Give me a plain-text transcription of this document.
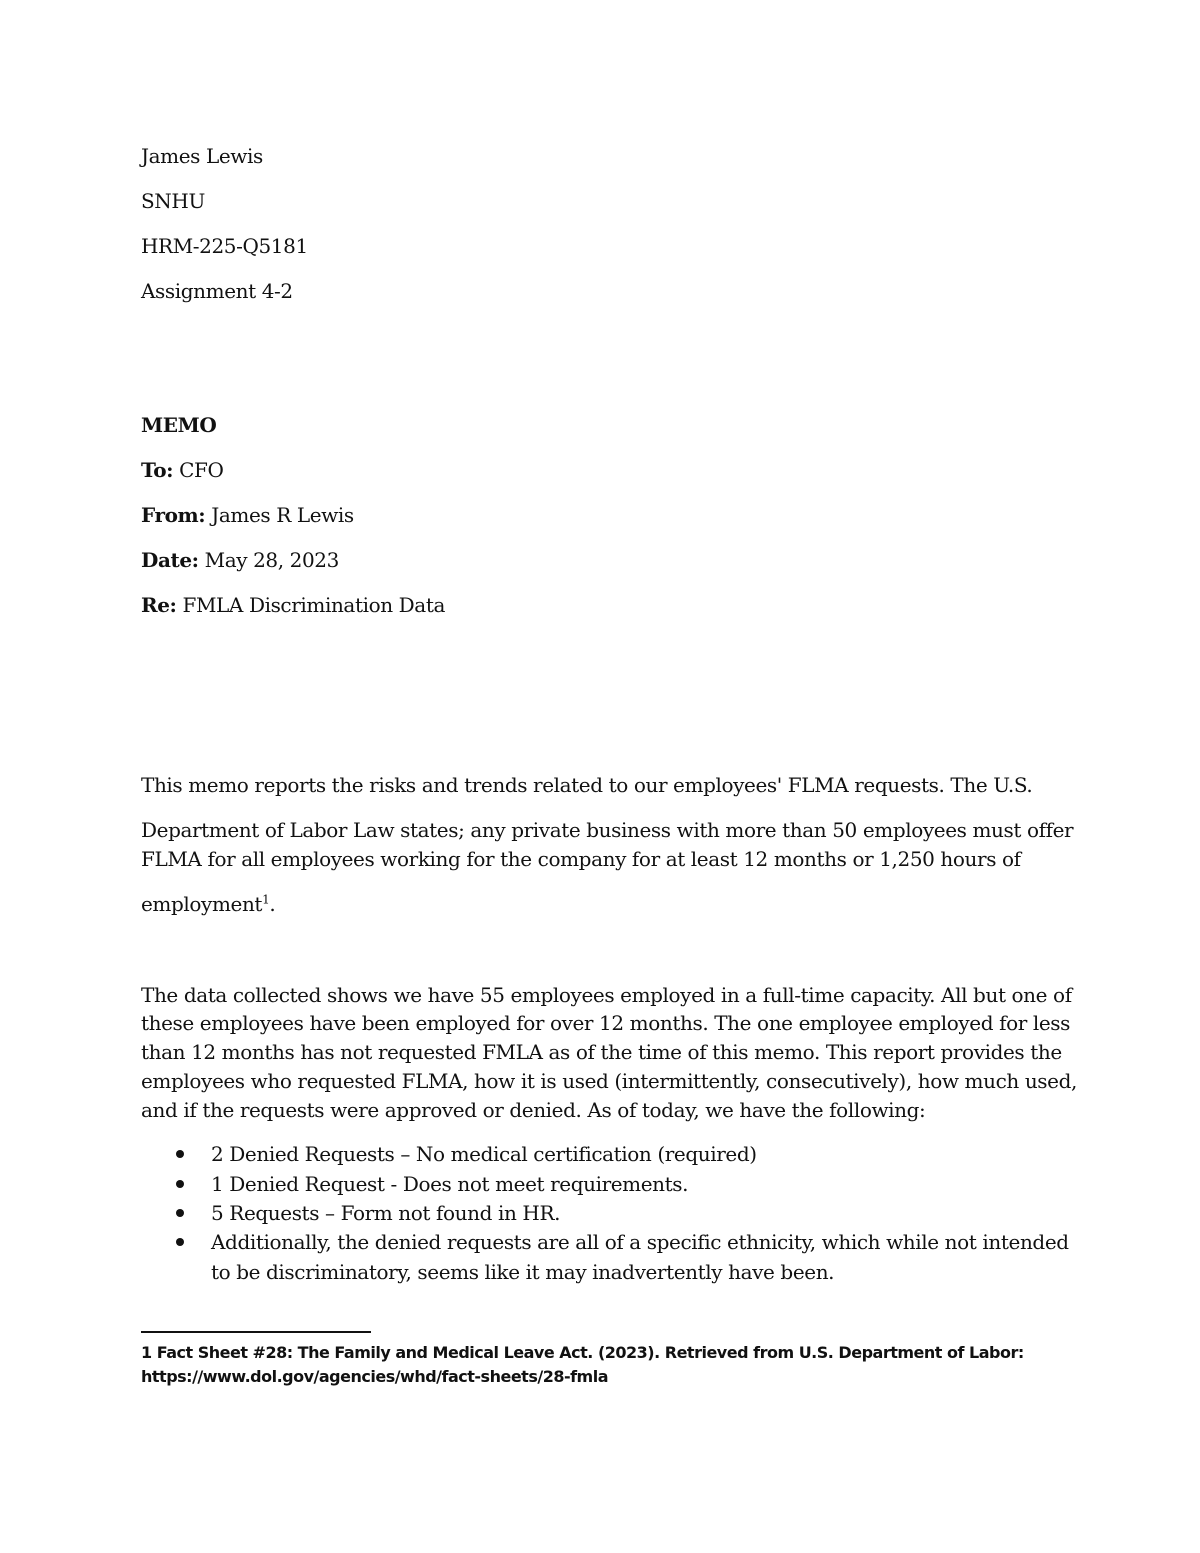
James Lewis
SNHU
HRM-225-Q5181
Assignment 4-2
MEMO
To: CFO
From: James R Lewis
Date: May 28, 2023
Re: FMLA Discrimination Data
This memo reports the risks and trends related to our employees' FLMA requests. The U.S.
Department of Labor Law states; any private business with more than 50 employees must offer
FLMA for all employees working for the company for at least 12 months or 1,250 hours of
employment$^1$.
The data collected shows we have 55 employees employed in a full-time capacity. All but one of
these employees have been employed for over 12 months. The one employee employed for less
than 12 months has not requested FMLA as of the time of this memo. This report provides the
employees who requested FLMA, how it is used (intermittently, consecutively), how much used,
and if the requests were approved or denied. As of today, we have the following:
2 Denied Requests – No medical certification (required)
1 Denied Request - Does not meet requirements.
5 Requests – Form not found in HR.
Additionally, the denied requests are all of a specific ethnicity, which while not intended
to be discriminatory, seems like it may inadvertently have been.
1 Fact Sheet #28: The Family and Medical Leave Act. (2023). Retrieved from U.S. Department of Labor:
https://www.dol.gov/agencies/whd/fact-sheets/28-fmla
